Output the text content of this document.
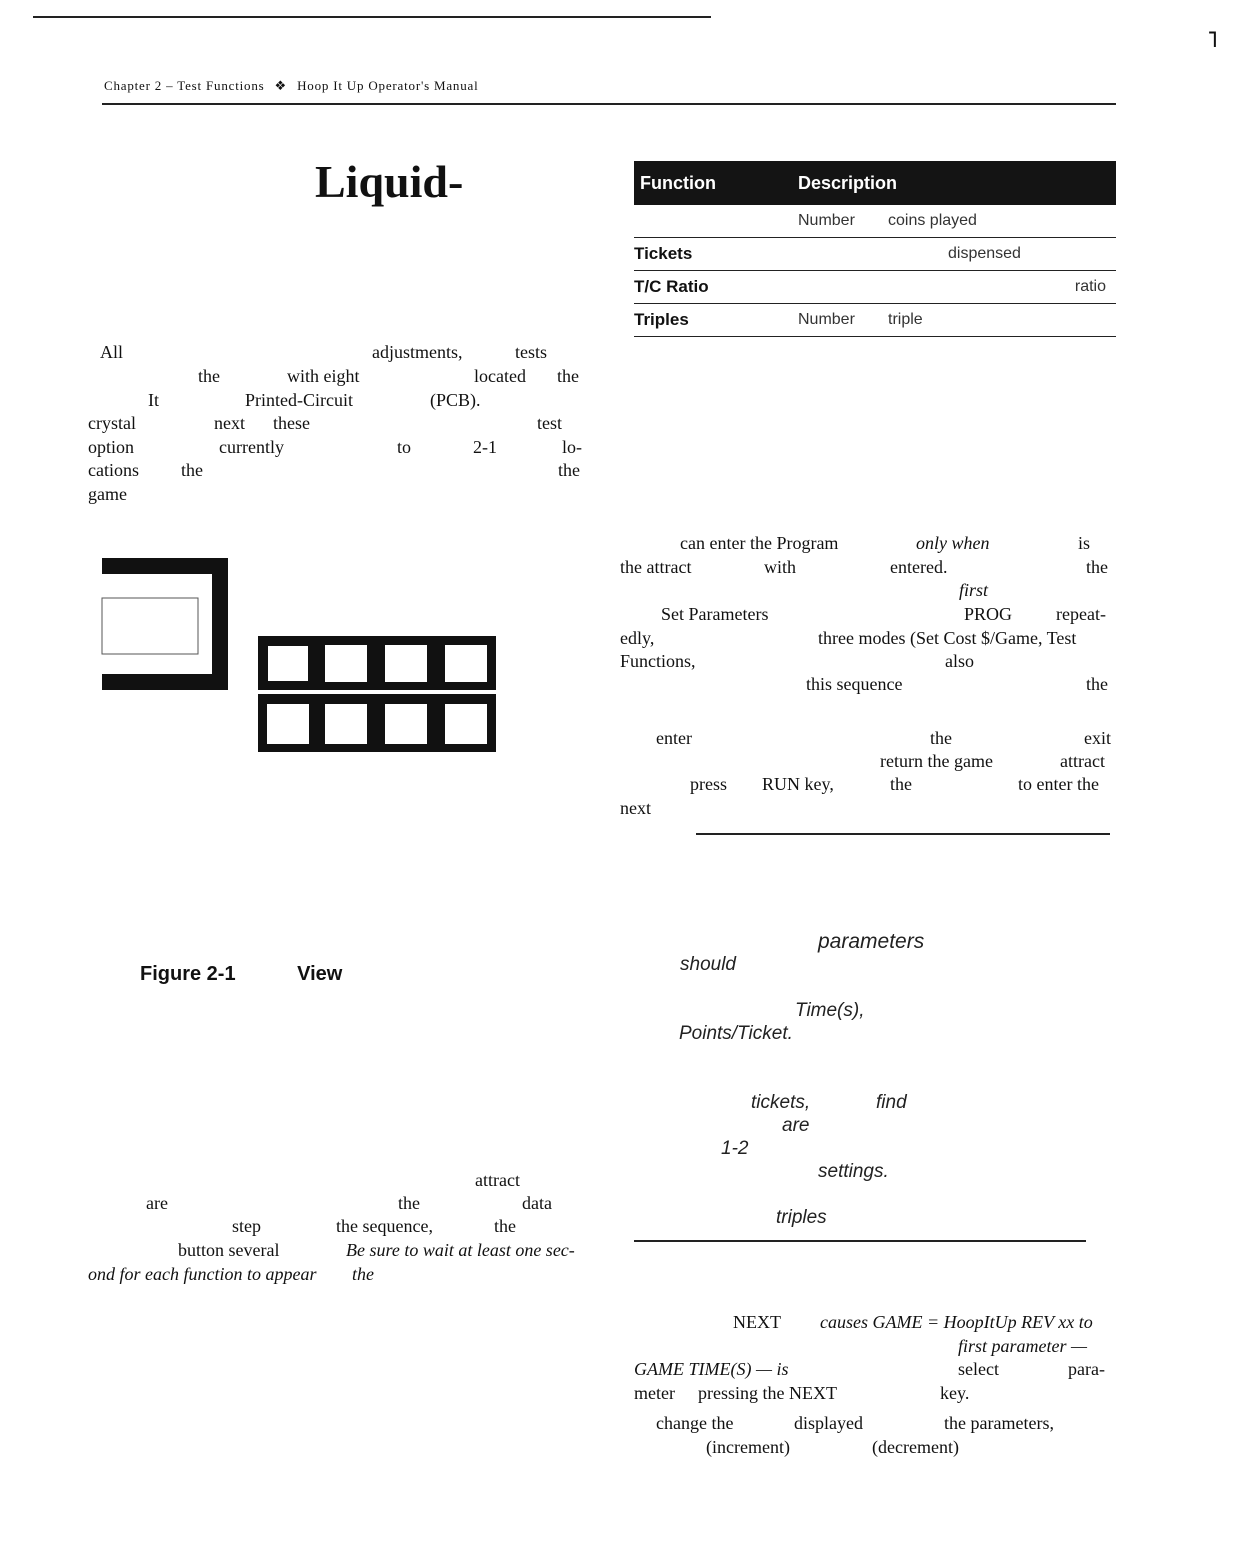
˥
Chapter 2 – Test Functions ❖ Hoop It Up Operator's Manual
Liquid-
All	adjustments,	tests
the	with eight	located the
It	Printed-Circuit	(PCB).
crystal	next these	test
option	currently	to	2-1	lo-
cations the	the
game
Figure 2-1	View
attract
are	the	data
step	the sequence,	the
button several	Be sure to wait at least one sec-
ond for each function to appear the
Function	Description	
	Number	coins played
Tickets		dispensed
T/C Ratio		ratio
Triples	Number	triple
can enter the Program	only when	is
the attract	with	entered.	the
first
Set Parameters	PROG repeat-
edly,	three modes (Set Cost $/Game, Test
Functions,	also
this sequence	the
enter	the	exit
return the game	attract
press RUN key,	the	to enter the
next
parameters
should
Time(s),
Points/Ticket.
tickets,	find
are
1-2
settings.
triples
NEXT causes GAME = HoopItUp REV xx to
first parameter —
GAME TIME(S) — is	select	para-
meter pressing the NEXT	key.
change the	displayed	the parameters,
(increment)	(decrement)
